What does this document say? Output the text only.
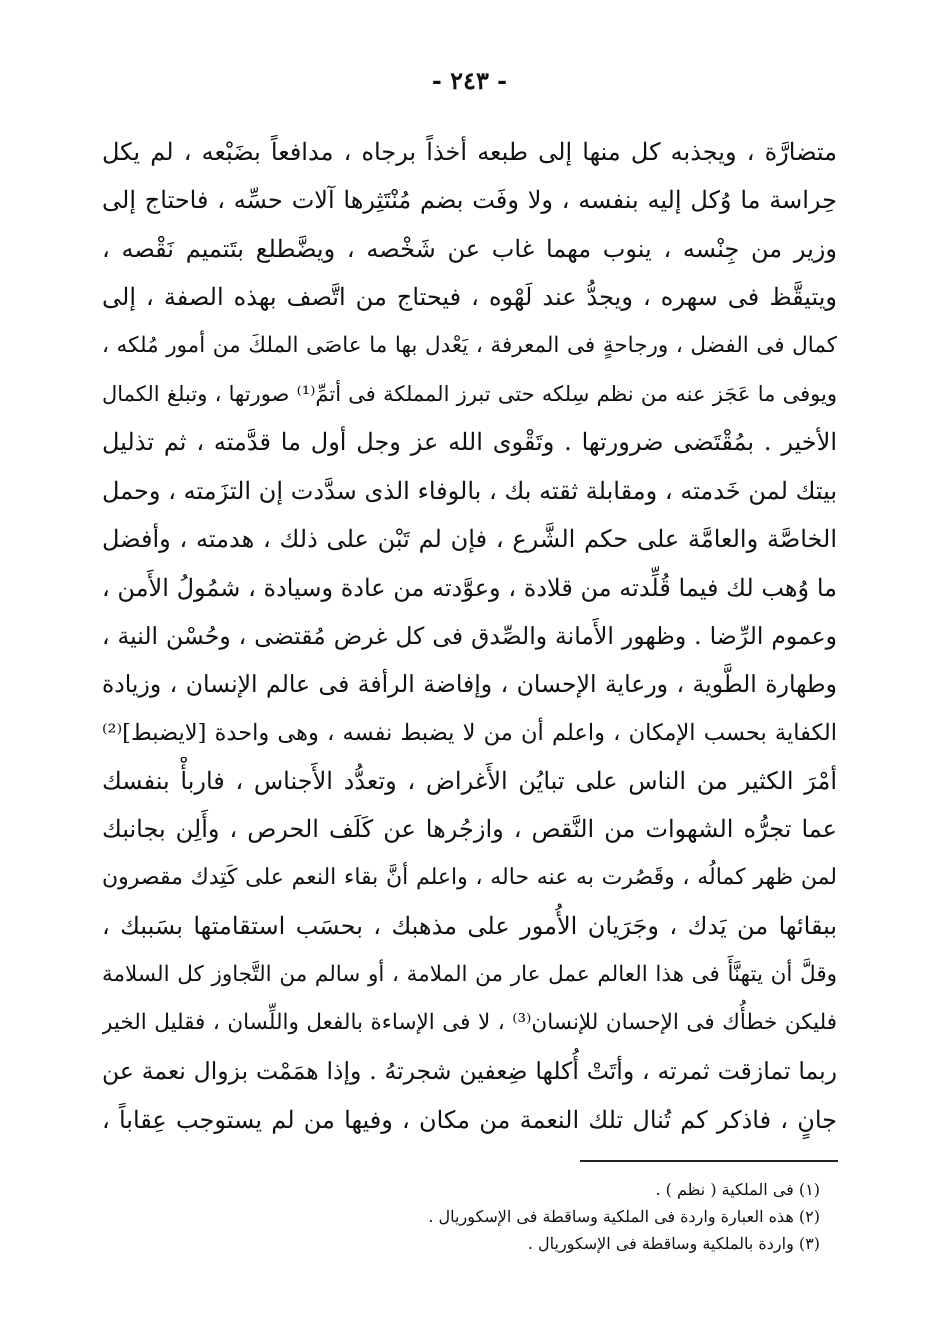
- ٢٤٣ -
متضارَّة ، ويجذبه كل منها إلى طبعه أخذاً برجاه ، مدافعاً بضَبْعه ، لم يكل
حِراسة ما وُكل إليه بنفسه ، ولا وفَت بضم مُنْتَثِرها آلات حسِّه ، فاحتاج إلى
وزير من جِنْسه ، ينوب مهما غاب عن شَخْصه ، ويضَّطلع بتَتميم نَقْصه ،
ويتيقَّظ فى سهره ، ويجدُّ عند لَهْوه ، فيحتاج من اتَّصف بهذه الصفة ، إلى
كمال فى الفضل ، ورجاحةٍ فى المعرفة ، يَعْدل بها ما عاصَى الملكَ من أمور مُلكه ،
ويوفى ما عَجَز عنه من نظم سِلكه حتى تبرز المملكة فى أتمِّ⁽¹⁾ صورتها ، وتبلغ الكمال
الأخير . بمُقْتَضى ضرورتها . وتَقْوى الله عز وجل أول ما قدَّمته ، ثم تذليل
بيتك لمن خَدمته ، ومقابلة ثقته بك ، بالوفاء الذى سدَّدت إن التزَمته ، وحمل
الخاصَّة والعامَّة على حكم الشَّرع ، فإن لم تَبْن على ذلك ، هدمته ، وأفضل
ما وُهب لك فيما قُلِّدته من قلادة ، وعوَّدته من عادة وسيادة ، شمُولُ الأَمن ،
وعموم الرِّضا . وظهور الأَمانة والصِّدق فى كل غرض مُقتضى ، وحُسْن النية ،
وطهارة الطَّوية ، ورعاية الإحسان ، وإفاضة الرأفة فى عالم الإنسان ، وزيادة
الكفاية بحسب الإمكان ، واعلم أن من لا يضبط نفسه ، وهى واحدة [لايضبط]⁽²⁾
أمْرَ الكثير من الناس على تبايُن الأَغراض ، وتعدُّد الأَجناس ، فاربأْ بنفسك
عما تجرُّه الشهوات من النَّقص ، وازجُرها عن كَلَف الحرص ، وأَلِن بجانبك
لمن ظهر كمالُه ، وقَصُرت به عنه حاله ، واعلم أنَّ بقاء النعم على كَتِدك مقصرون
ببقائها من يَدك ، وجَرَيان الأُمور على مذهبك ، بحسَب استقامتها بسَببك ،
وقلَّ أن يتهنَّأَ فى هذا العالم عمل عار من الملامة ، أو سالم من التَّجاوز كل السلامة
فليكن خطأُك فى الإحسان للإنسان⁽³⁾ ، لا فى الإساءة بالفعل واللِّسان ، فقليل الخير
ربما تمازقت ثمرته ، وأتَتْ أُكلها ضِعفين شجرتهُ . وإذا همَمْت بزوال نعمة عن
جانٍ ، فاذكر كم تُنال تلك النعمة من مكان ، وفيها من لم يستوجب عِقاباً ،
(١) فى الملكية ( نظم ) .
(٢) هذه العبارة واردة فى الملكية وساقطة فى الإسكوريال .
(٣) واردة بالملكية وساقطة فى الإسكوريال .
